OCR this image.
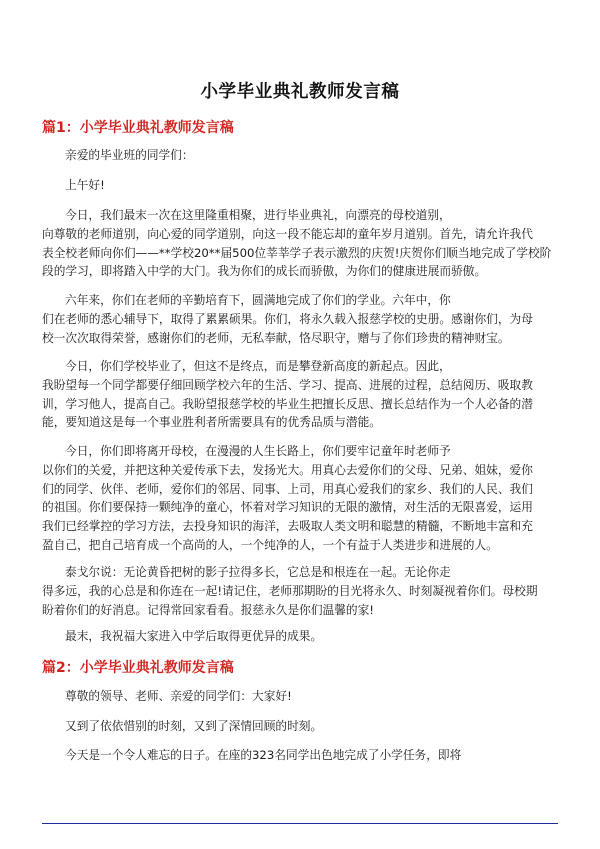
小学毕业典礼教师发言稿
篇1：小学毕业典礼教师发言稿

亲爱的毕业班的同学们：

上午好!

今日，我们最末一次在这里隆重相聚，进行毕业典礼，向漂亮的母校道别，
向尊敬的老师道别，向心爱的同学道别，向这一段不能忘却的童年岁月道别。首先，请允许我代
表全校老师向你们——**学校20**届500位莘莘学子表示激烈的庆贺!庆贺你们顺当地完成了学校阶
段的学习，即将踏入中学的大门。我为你们的成长而骄傲，为你们的健康进展而骄傲。

六年来，你们在老师的辛勤培育下，圆满地完成了你们的学业。六年中，你
们在老师的悉心辅导下，取得了累累硕果。你们，将永久载入报慈学校的史册。感谢你们，为母
校一次次取得荣誉，感谢你们的老师，无私奉献，恪尽职守，赠与了你们珍贵的精神财宝。

今日，你们学校毕业了，但这不是终点，而是攀登新高度的新起点。因此，
我盼望每一个同学都要仔细回顾学校六年的生活、学习、提高、进展的过程，总结阅历、吸取教
训，学习他人，提高自己。我盼望报慈学校的毕业生把擅长反思、擅长总结作为一个人必备的潜
能，要知道这是每一个事业胜利者所需要具有的优秀品质与潜能。

今日，你们即将离开母校，在漫漫的人生长路上，你们要牢记童年时老师予
以你们的关爱，并把这种关爱传承下去，发扬光大。用真心去爱你们的父母、兄弟、姐妹，爱你
们的同学、伙伴、老师，爱你们的邻居、同事、上司，用真心爱我们的家乡、我们的人民、我们
的祖国。你们要保持一颗纯净的童心，怀着对学习知识的无限的激情，对生活的无限喜爱，运用
我们已经掌控的学习方法，去投身知识的海洋，去吸取人类文明和聪慧的精髓，不断地丰富和充
盈自己，把自己培育成一个高尚的人，一个纯净的人，一个有益于人类进步和进展的人。

泰戈尔说：无论黄昏把树的影子拉得多长，它总是和根连在一起。无论你走
得多远，我的心总是和你连在一起!请记住，老师那期盼的目光将永久、时刻凝视着你们。母校期
盼着你们的好消息。记得常回家看看。报慈永久是你们温馨的家!

最末，我祝福大家进入中学后取得更优异的成果。

篇2：小学毕业典礼教师发言稿

尊敬的领导、老师、亲爱的同学们：大家好!

又到了依依惜别的时刻，又到了深情回顾的时刻。

今天是一个令人难忘的日子。在座的323名同学出色地完成了小学任务，即将
